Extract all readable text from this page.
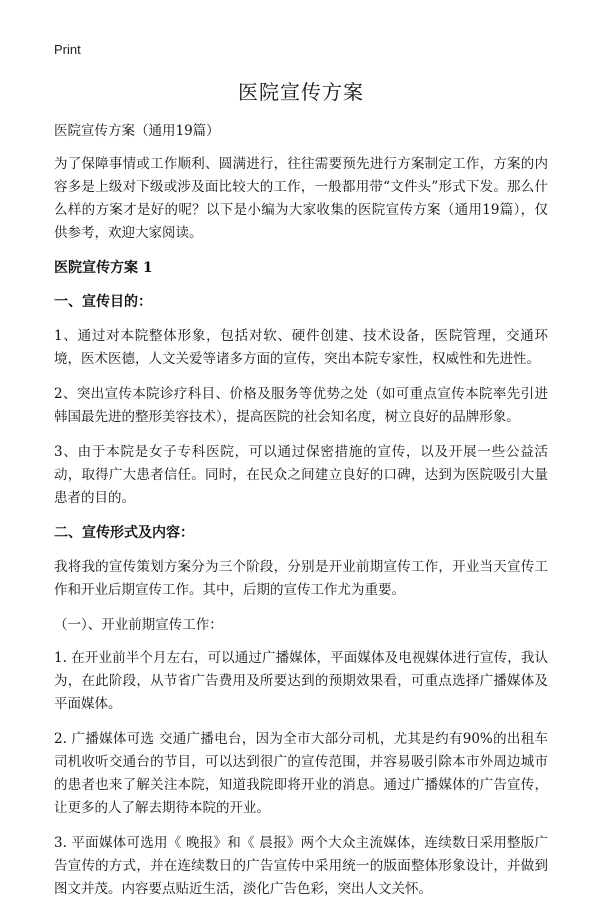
Print
医院宣传方案
医院宣传方案（通用19篇）
为了保障事情或工作顺利、圆满进行，往往需要预先进行方案制定工作，方案的内容多是上级对下级或涉及面比较大的工作，一般都用带“文件头”形式下发。那么什么样的方案才是好的呢？以下是小编为大家收集的医院宣传方案（通用19篇），仅供参考，欢迎大家阅读。
医院宣传方案 1
一、宣传目的：
1、通过对本院整体形象，包括对软、硬件创建、技术设备，医院管理，交通环境，医术医德，人文关爱等诸多方面的宣传，突出本院专家性，权威性和先进性。
2、突出宣传本院诊疗科目、价格及服务等优势之处（如可重点宣传本院率先引进韩国最先进的整形美容技术），提高医院的社会知名度，树立良好的品牌形象。
3、由于本院是女子专科医院，可以通过保密措施的宣传，以及开展一些公益活动，取得广大患者信任。同时，在民众之间建立良好的口碑，达到为医院吸引大量患者的目的。
二、宣传形式及内容：
我将我的宣传策划方案分为三个阶段，分别是开业前期宣传工作，开业当天宣传工作和开业后期宣传工作。其中，后期的宣传工作尤为重要。
（一）、开业前期宣传工作：
1. 在开业前半个月左右，可以通过广播媒体，平面媒体及电视媒体进行宣传，我认为，在此阶段，从节省广告费用及所要达到的预期效果看，可重点选择广播媒体及平面媒体。
2. 广播媒体可选 交通广播电台，因为全市大部分司机，尤其是约有90%的出租车司机收听交通台的节目，可以达到很广的宣传范围，并容易吸引除本市外周边城市的患者也来了解关注本院，知道我院即将开业的消息。通过广播媒体的广告宣传，让更多的人了解去期待本院的开业。
3. 平面媒体可选用《 晚报》和《 晨报》两个大众主流媒体，连续数日采用整版广告宣传的方式，并在连续数日的广告宣传中采用统一的版面整体形象设计，并做到图文并茂。内容要点贴近生活，淡化广告色彩，突出人文关怀。
